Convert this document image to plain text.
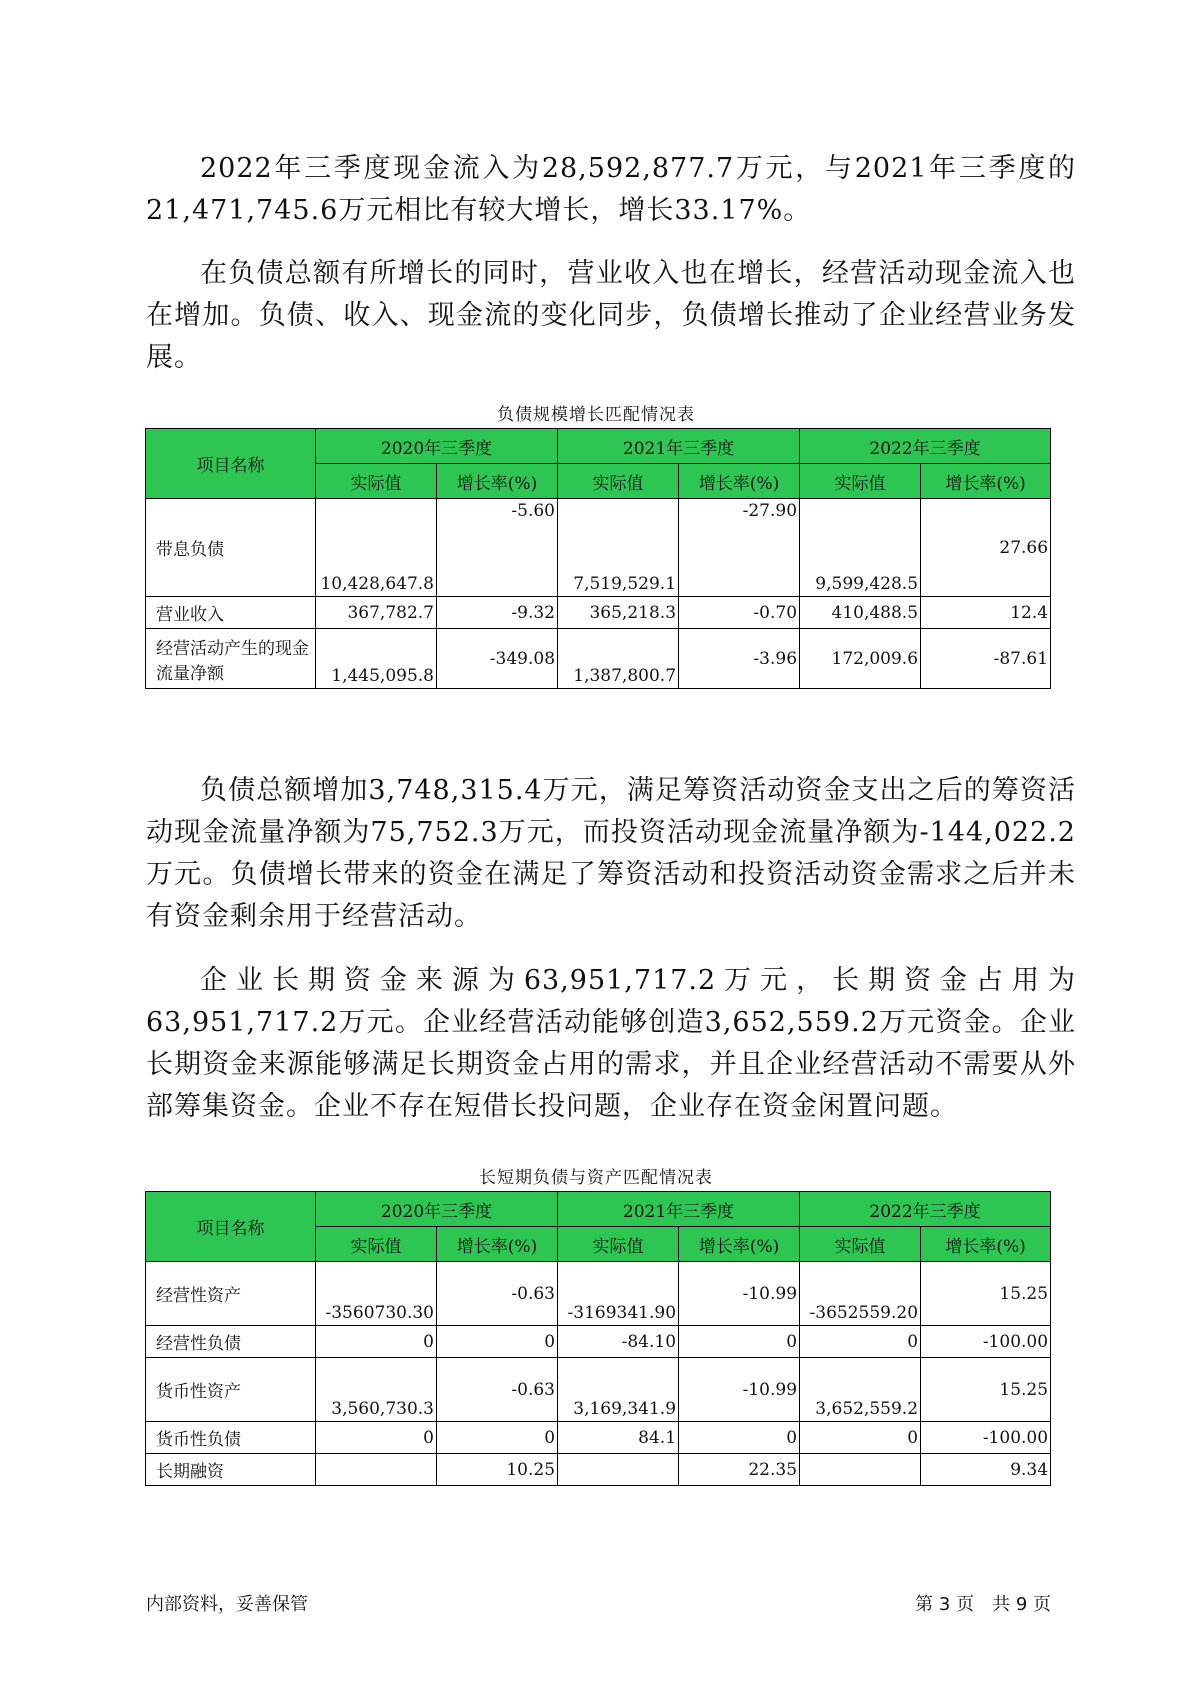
2022年三季度现金流入为28,592,877.7万元，与2021年三季度的21,471,745.6万元相比有较大增长，增长33.17%。

在负债总额有所增长的同时，营业收入也在增长，经营活动现金流入也在增加。负债、收入、现金流的变化同步，负债增长推动了企业经营业务发展。

负债规模增长匹配情况表
项目名称	2020年三季度		2021年三季度		2022年三季度	
	实际值	增长率(%)	实际值	增长率(%)	实际值	增长率(%)
带息负债	10,428,647.8	-5.60	7,519,529.1	-27.90	9,599,428.5	27.66
营业收入	367,782.7	-9.32	365,218.3	-0.70	410,488.5	12.4
经营活动产生的现金流量净额	1,445,095.8	-349.08	1,387,800.7	-3.96	172,009.6	-87.61

负债总额增加3,748,315.4万元，满足筹资活动资金支出之后的筹资活动现金流量净额为75,752.3万元，而投资活动现金流量净额为-144,022.2万元。负债增长带来的资金在满足了筹资活动和投资活动资金需求之后并未有资金剩余用于经营活动。

企业长期资金来源为63,951,717.2万元，长期资金占用为63,951,717.2万元。企业经营活动能够创造3,652,559.2万元资金。企业长期资金来源能够满足长期资金占用的需求，并且企业经营活动不需要从外部筹集资金。企业不存在短借长投问题，企业存在资金闲置问题。

长短期负债与资产匹配情况表
项目名称	2020年三季度		2021年三季度		2022年三季度	
	实际值	增长率(%)	实际值	增长率(%)	实际值	增长率(%)
经营性资产	-3560730.30	-0.63	-3169341.90	-10.99	-3652559.20	15.25
经营性负债	0	0	-84.10	0	0	-100.00
货币性资产	3,560,730.3	-0.63	3,169,341.9	-10.99	3,652,559.2	15.25
货币性负债	0	0	84.1	0	0	-100.00
长期融资		10.25		22.35		9.34
内部资料，妥善保管	第 3 页　共 9 页
